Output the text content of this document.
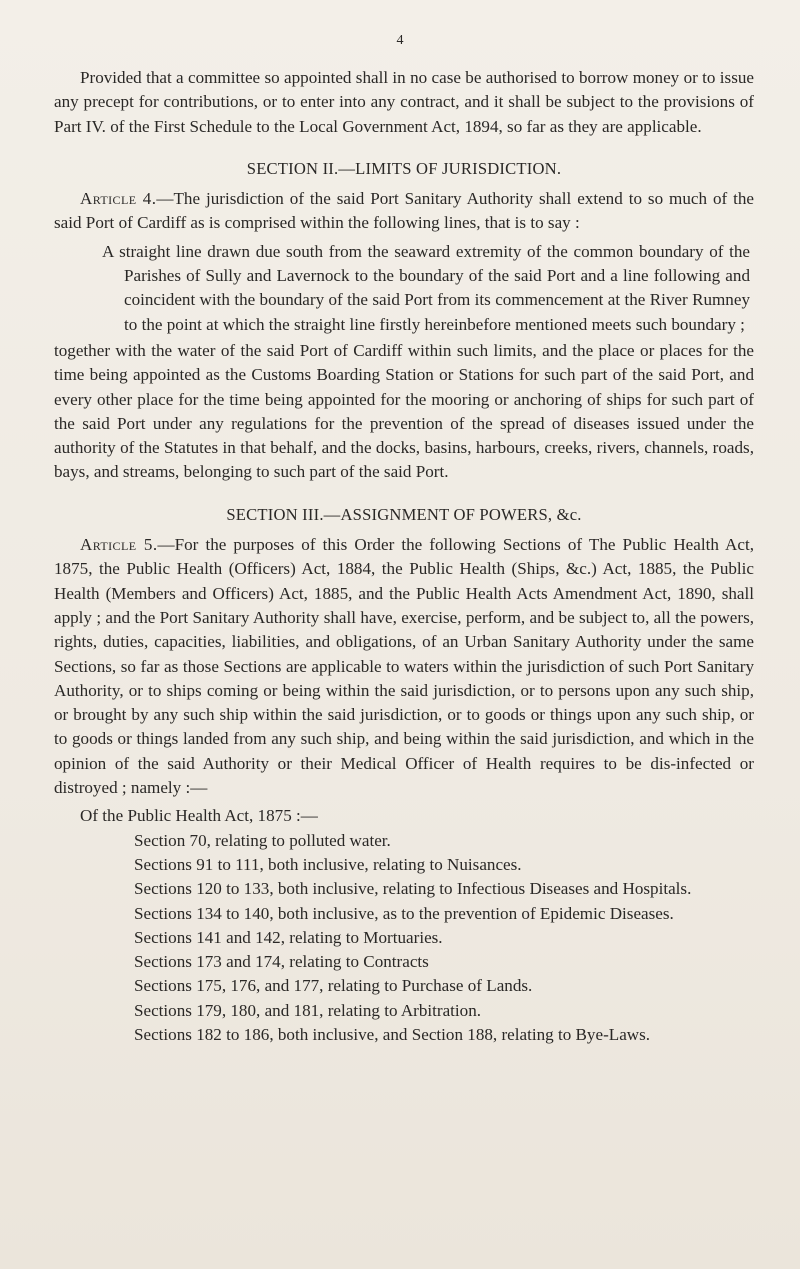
4

Provided that a committee so appointed shall in no case be authorised to borrow money or to issue any precept for contributions, or to enter into any contract, and it shall be subject to the provisions of Part IV. of the First Schedule to the Local Government Act, 1894, so far as they are applicable.

SECTION II.—LIMITS OF JURISDICTION.

Article 4.—The jurisdiction of the said Port Sanitary Authority shall extend to so much of the said Port of Cardiff as is comprised within the following lines, that is to say :

A straight line drawn due south from the seaward extremity of the common boundary of the Parishes of Sully and Lavernock to the boundary of the said Port and a line following and coincident with the boundary of the said Port from its commencement at the River Rumney to the point at which the straight line firstly hereinbefore mentioned meets such boundary ;

together with the water of the said Port of Cardiff within such limits, and the place or places for the time being appointed as the Customs Boarding Station or Stations for such part of the said Port, and every other place for the time being appointed for the mooring or anchoring of ships for such part of the said Port under any regulations for the prevention of the spread of diseases issued under the authority of the Statutes in that behalf, and the docks, basins, harbours, creeks, rivers, channels, roads, bays, and streams, belonging to such part of the said Port.

SECTION III.—ASSIGNMENT OF POWERS, &c.

Article 5.—For the purposes of this Order the following Sections of The Public Health Act, 1875, the Public Health (Officers) Act, 1884, the Public Health (Ships, &c.) Act, 1885, the Public Health (Members and Officers) Act, 1885, and the Public Health Acts Amendment Act, 1890, shall apply ; and the Port Sanitary Authority shall have, exercise, perform, and be subject to, all the powers, rights, duties, capacities, liabilities, and obligations, of an Urban Sanitary Authority under the same Sections, so far as those Sections are applicable to waters within the jurisdiction of such Port Sanitary Authority, or to ships coming or being within the said jurisdiction, or to persons upon any such ship, or brought by any such ship within the said jurisdiction, or to goods or things upon any such ship, or to goods or things landed from any such ship, and being within the said jurisdiction, and which in the opinion of the said Authority or their Medical Officer of Health requires to be dis-infected or distroyed ; namely :—

Of the Public Health Act, 1875 :—

Section 70, relating to polluted water.

Sections 91 to 111, both inclusive, relating to Nuisances.

Sections 120 to 133, both inclusive, relating to Infectious Diseases and Hospitals.

Sections 134 to 140, both inclusive, as to the prevention of Epidemic Diseases.

Sections 141 and 142, relating to Mortuaries.

Sections 173 and 174, relating to Contracts

Sections 175, 176, and 177, relating to Purchase of Lands.

Sections 179, 180, and 181, relating to Arbitration.

Sections 182 to 186, both inclusive, and Section 188, relating to Bye-Laws.
